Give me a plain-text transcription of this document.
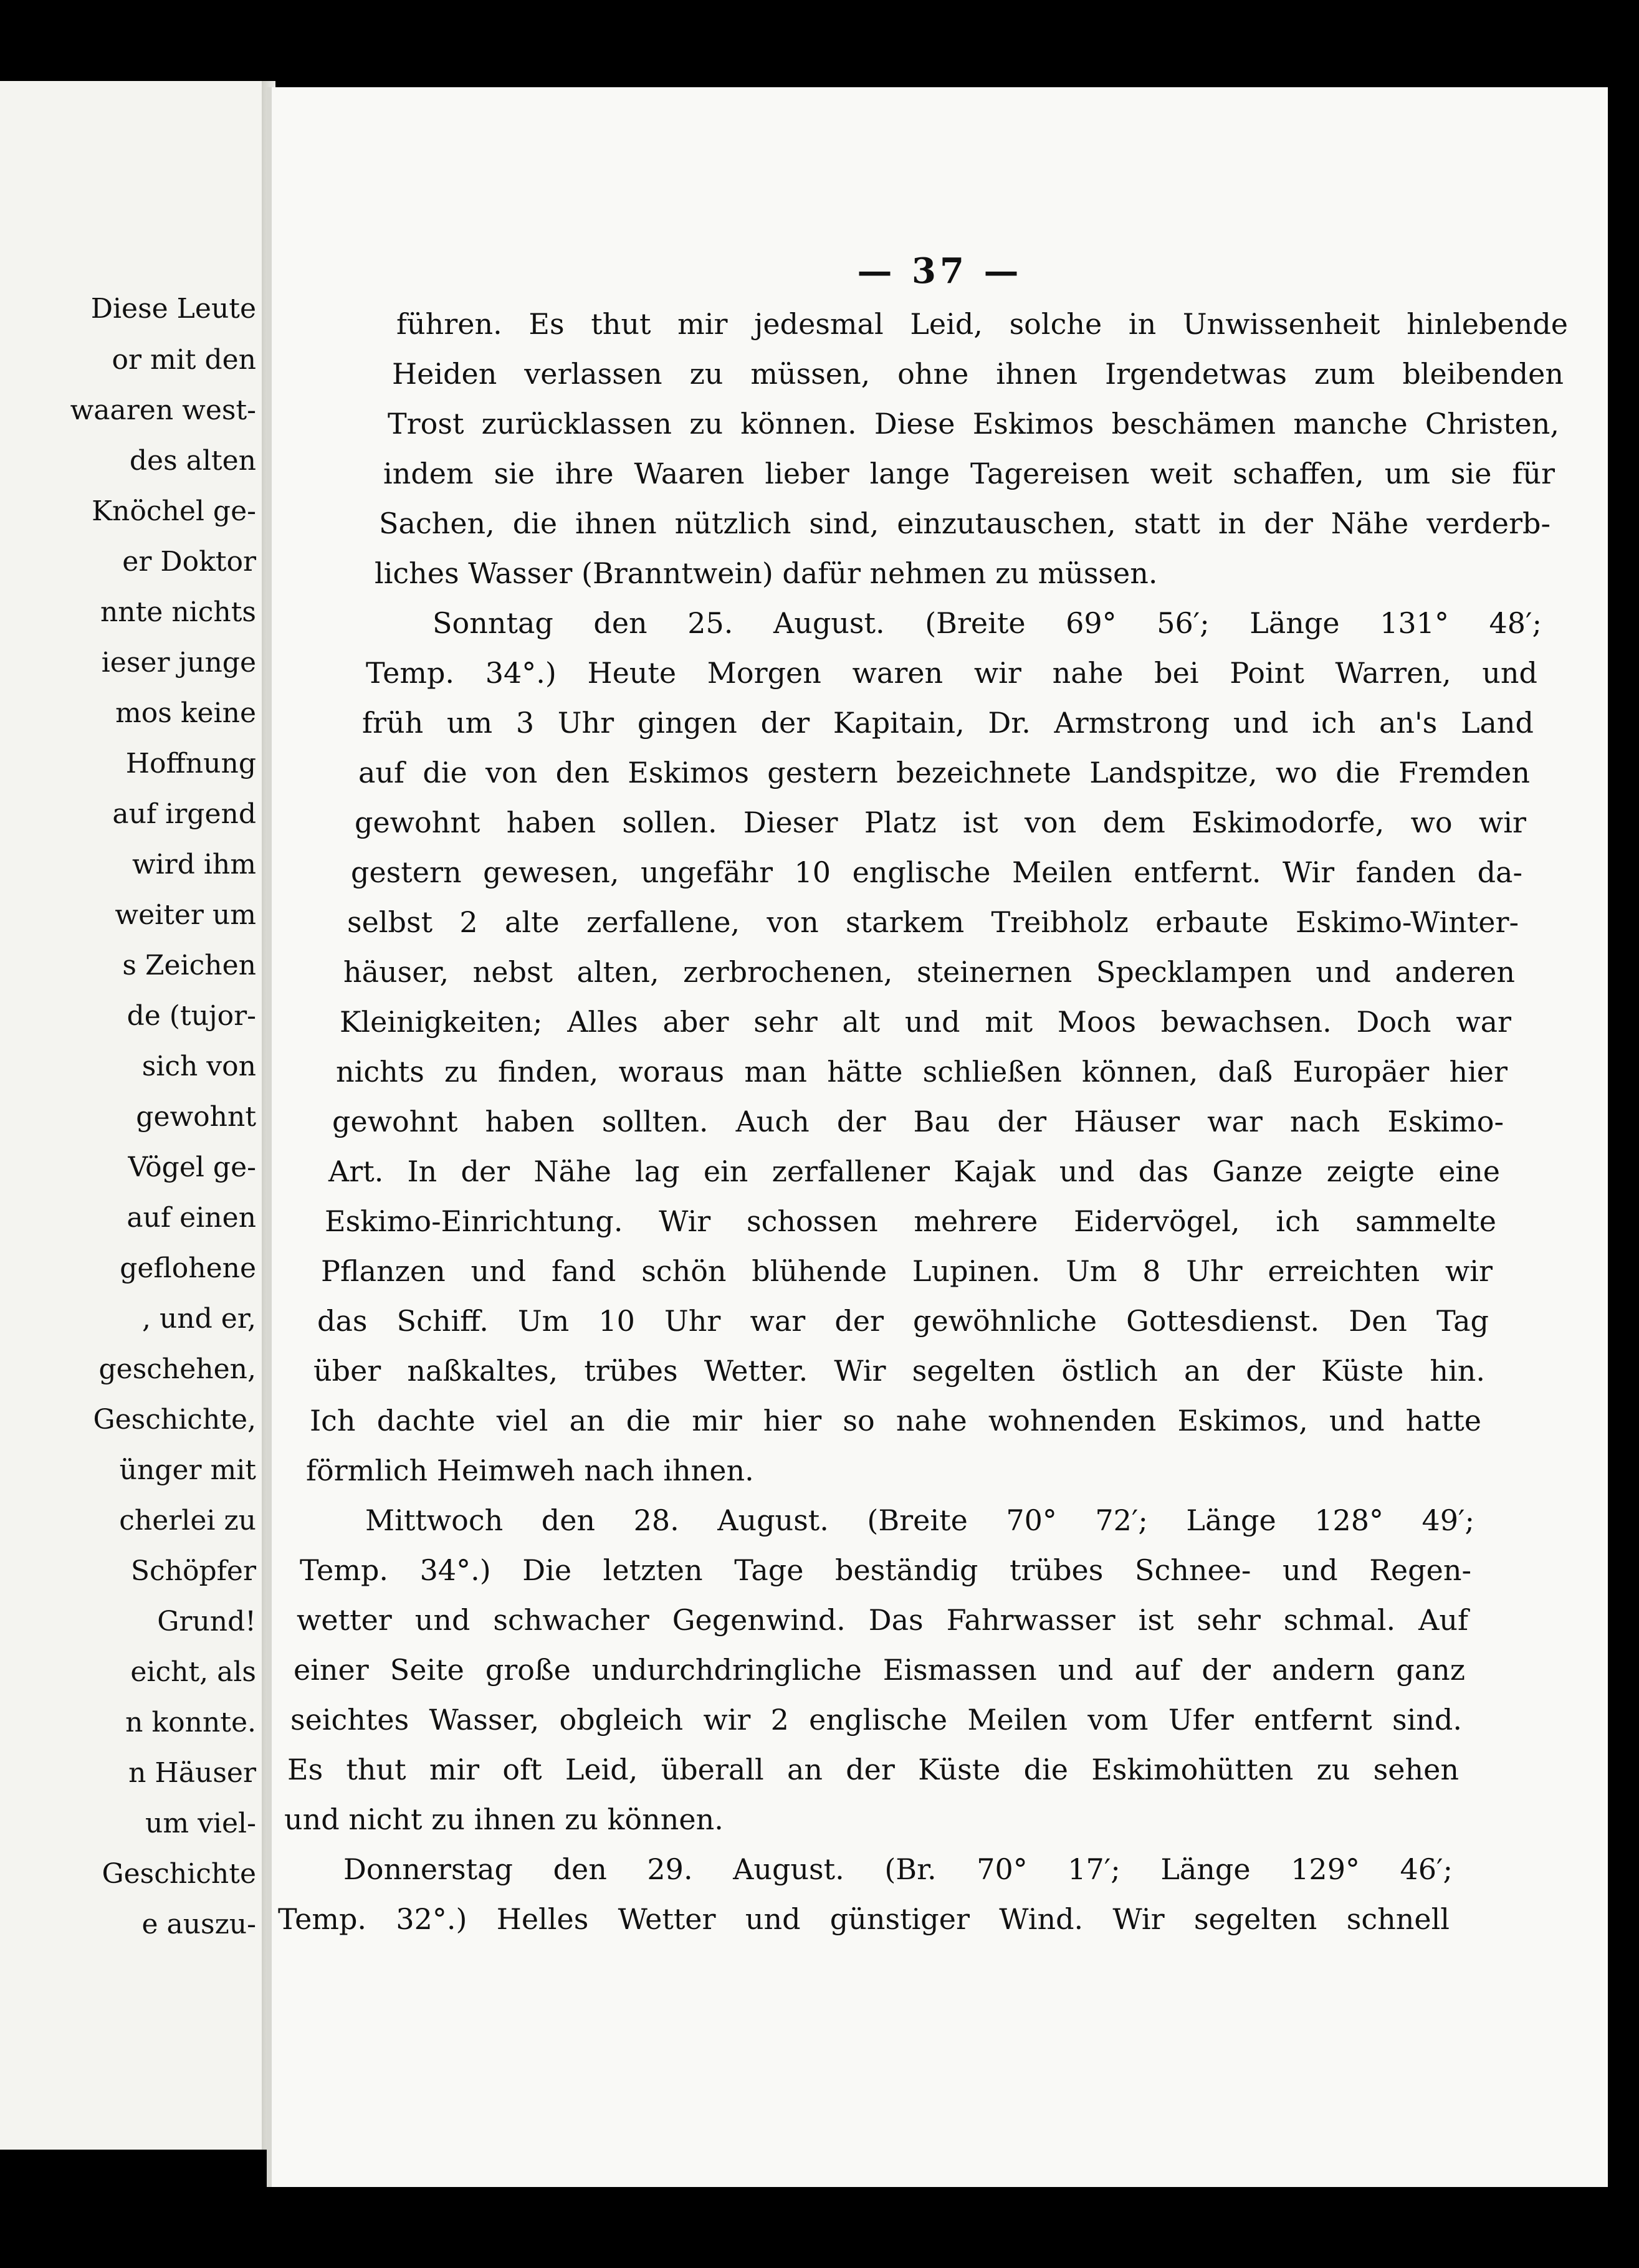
Diese Leute

or mit den

waaren west-

des alten

Knöchel ge-

er Doktor

nnte nichts

ieser junge

mos keine

Hoffnung

auf irgend

wird ihm

weiter um

s Zeichen

de (tujor-

sich von

gewohnt

Vögel ge-

auf einen

geflohene

, und er,

geschehen,

Geschichte,

ünger mit

cherlei zu

Schöpfer

Grund!

eicht, als

n konnte.

n Häuser

um viel-

Geschichte

e auszu-

— 37 —

führen. Es thut mir jedesmal Leid, solche in Unwissenheit hinlebende

Heiden verlassen zu müssen, ohne ihnen Irgendetwas zum bleibenden

Trost zurücklassen zu können. Diese Eskimos beschämen manche Christen,

indem sie ihre Waaren lieber lange Tagereisen weit schaffen, um sie für

Sachen, die ihnen nützlich sind, einzutauschen, statt in der Nähe verderb-

liches Wasser (Branntwein) dafür nehmen zu müssen.

Sonntag den 25. August. (Breite 69° 56′; Länge 131° 48′;

Temp. 34°.) Heute Morgen waren wir nahe bei Point Warren, und

früh um 3 Uhr gingen der Kapitain, Dr. Armstrong und ich an's Land

auf die von den Eskimos gestern bezeichnete Landspitze, wo die Fremden

gewohnt haben sollen. Dieser Platz ist von dem Eskimodorfe, wo wir

gestern gewesen, ungefähr 10 englische Meilen entfernt. Wir fanden da-

selbst 2 alte zerfallene, von starkem Treibholz erbaute Eskimo-Winter-

häuser, nebst alten, zerbrochenen, steinernen Specklampen und anderen

Kleinigkeiten; Alles aber sehr alt und mit Moos bewachsen. Doch war

nichts zu finden, woraus man hätte schließen können, daß Europäer hier

gewohnt haben sollten. Auch der Bau der Häuser war nach Eskimo-

Art. In der Nähe lag ein zerfallener Kajak und das Ganze zeigte eine

Eskimo-Einrichtung. Wir schossen mehrere Eidervögel, ich sammelte

Pflanzen und fand schön blühende Lupinen. Um 8 Uhr erreichten wir

das Schiff. Um 10 Uhr war der gewöhnliche Gottesdienst. Den Tag

über naßkaltes, trübes Wetter. Wir segelten östlich an der Küste hin.

Ich dachte viel an die mir hier so nahe wohnenden Eskimos, und hatte

förmlich Heimweh nach ihnen.

Mittwoch den 28. August. (Breite 70° 72′; Länge 128° 49′;

Temp. 34°.) Die letzten Tage beständig trübes Schnee- und Regen-

wetter und schwacher Gegenwind. Das Fahrwasser ist sehr schmal. Auf

einer Seite große undurchdringliche Eismassen und auf der andern ganz

seichtes Wasser, obgleich wir 2 englische Meilen vom Ufer entfernt sind.

Es thut mir oft Leid, überall an der Küste die Eskimohütten zu sehen

und nicht zu ihnen zu können.

Donnerstag den 29. August. (Br. 70° 17′; Länge 129° 46′;

Temp. 32°.) Helles Wetter und günstiger Wind. Wir segelten schnell
